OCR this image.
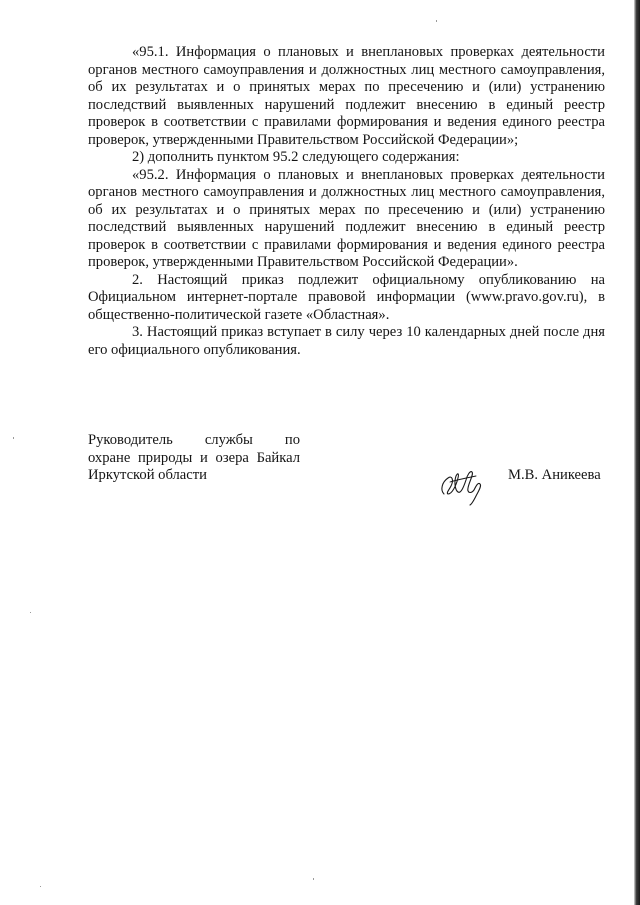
«95.1. Информация о плановых и внеплановых проверках деятельности органов местного самоуправления и должностных лиц местного самоуправления, об их результатах и о принятых мерах по пресечению и (или) устранению последствий выявленных нарушений подлежит внесению в единый реестр проверок в соответствии с правилами формирования и ведения единого реестра проверок, утвержденными Правительством Российской Федерации»;

2) дополнить пунктом 95.2 следующего содержания:

«95.2. Информация о плановых и внеплановых проверках деятельности органов местного самоуправления и должностных лиц местного самоуправления, об их результатах и о принятых мерах по пресечению и (или) устранению последствий выявленных нарушений подлежит внесению в единый реестр проверок в соответствии с правилами формирования и ведения единого реестра проверок, утвержденными Правительством Российской Федерации».

2. Настоящий приказ подлежит официальному опубликованию на Официальном интернет-портале правовой информации (www.pravo.gov.ru), в общественно-политической газете «Областная».

3. Настоящий приказ вступает в силу через 10 календарных дней после дня его официального опубликования.

Руководитель службы по
охране природы и озера Байкал
Иркутской области	М.В. Аникеева
